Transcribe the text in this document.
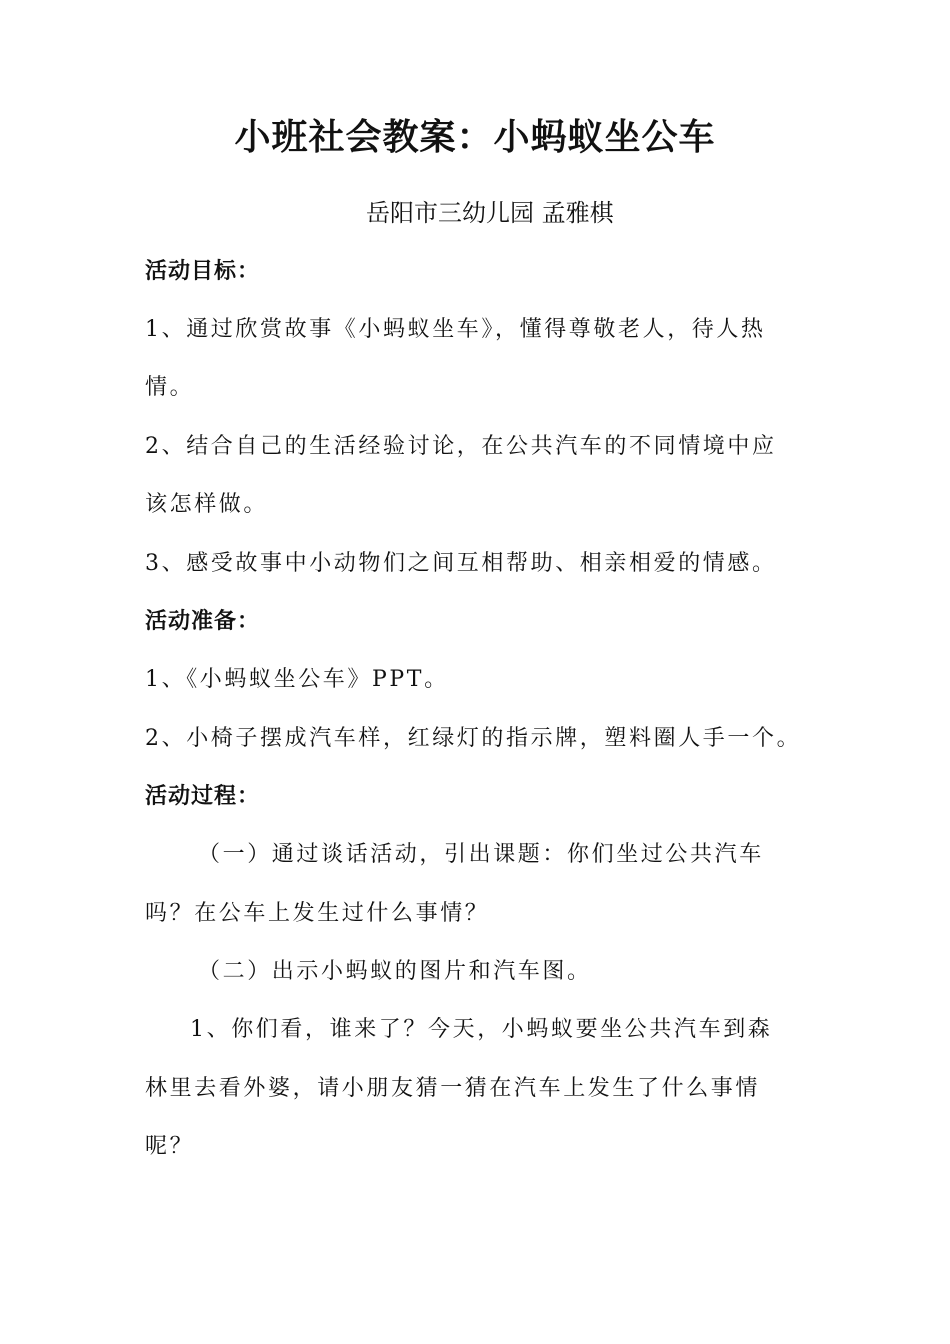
小班社会教案：小蚂蚁坐公车
岳阳市三幼儿园 孟雅棋
活动目标：
1、通过欣赏故事《小蚂蚁坐车》，懂得尊敬老人，待人热
情。
2、结合自己的生活经验讨论，在公共汽车的不同情境中应
该怎样做。
3、感受故事中小动物们之间互相帮助、相亲相爱的情感。
活动准备：
1、《小蚂蚁坐公车》PPT。
2、小椅子摆成汽车样，红绿灯的指示牌，塑料圈人手一个。
活动过程：
（一）通过谈话活动，引出课题：你们坐过公共汽车
吗？在公车上发生过什么事情？
（二）出示小蚂蚁的图片和汽车图。
1、你们看，谁来了？今天，小蚂蚁要坐公共汽车到森
林里去看外婆，请小朋友猜一猜在汽车上发生了什么事情
呢？
